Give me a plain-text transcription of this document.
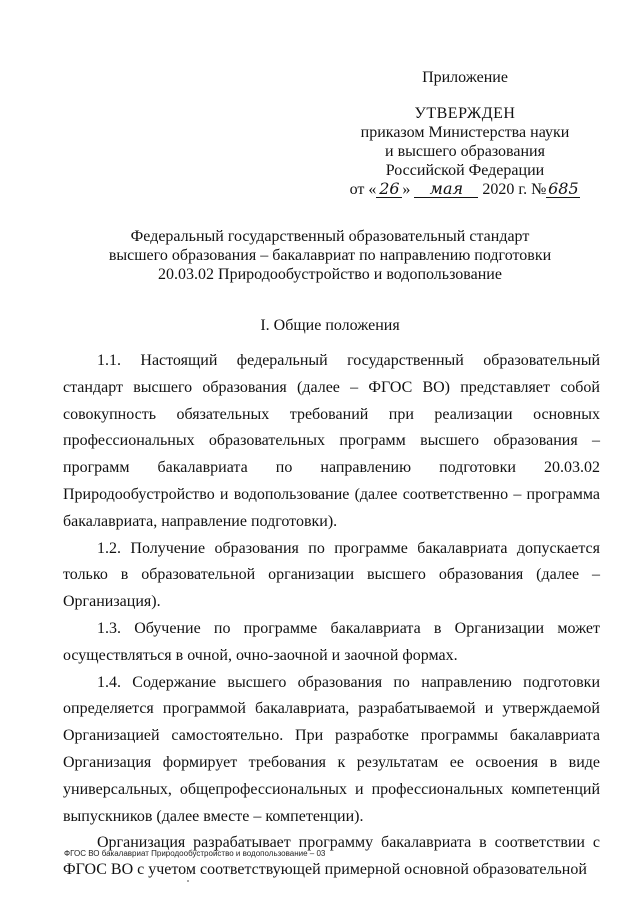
Приложение
УТВЕРЖДЕН
приказом Министерства науки
и высшего образования
Российской Федерации
от « 26 » мая 2020 г. № 685
Федеральный государственный образовательный стандарт
высшего образования – бакалавриат по направлению подготовки
20.03.02 Природообустройство и водопользование
I. Общие положения

1.1. Настоящий федеральный государственный образовательный стандарт высшего образования (далее – ФГОС ВО) представляет собой совокупность обязательных требований при реализации основных профессиональных образовательных программ высшего образования – программ бакалавриата по направлению подготовки 20.03.02 Природообустройство и водопользование (далее соответственно – программа бакалавриата, направление подготовки).

1.2. Получение образования по программе бакалавриата допускается только в образовательной организации высшего образования (далее – Организация).

1.3. Обучение по программе бакалавриата в Организации может осуществляться в очной, очно-заочной и заочной формах.

1.4. Содержание высшего образования по направлению подготовки определяется программой бакалавриата, разрабатываемой и утверждаемой Организацией самостоятельно. При разработке программы бакалавриата Организация формирует требования к результатам ее освоения в виде универсальных, общепрофессиональных и профессиональных компетенций выпускников (далее вместе – компетенции).

Организация разрабатывает программу бакалавриата в соответствии с ФГОС ВО с учетом соответствующей примерной основной образовательной

ФГОС ВО бакалавриат Природообустройство и водопользование – 03
